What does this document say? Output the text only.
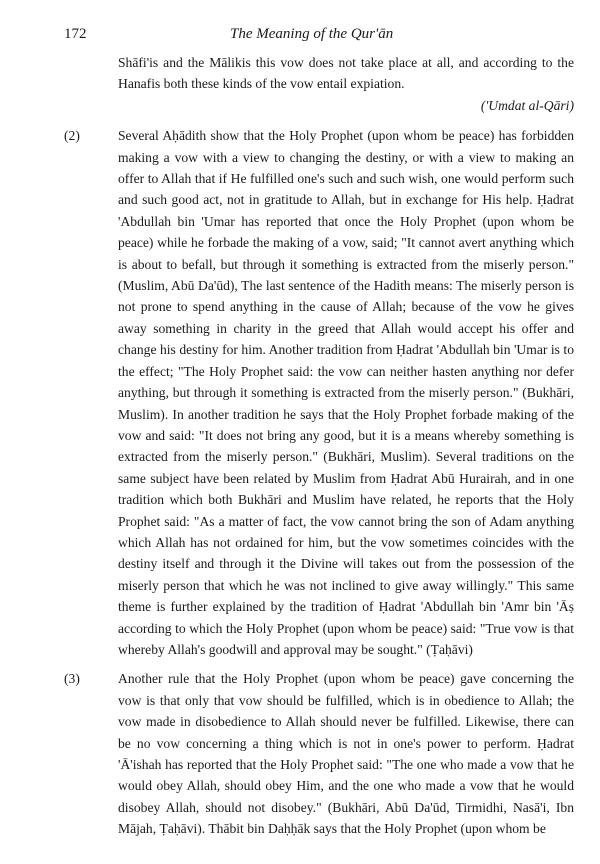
172	The Meaning of the Qur'ān

Shāfi'is and the Mālikis this vow does not take place at all, and according to the Hanafis both these kinds of the vow entail expiation.

('Umdat al-Qāri)

(2)	Several Aḥādith show that the Holy Prophet (upon whom be peace) has forbidden making a vow with a view to changing the destiny, or with a view to making an offer to Allah that if He fulfilled one's such and such wish, one would perform such and such good act, not in gratitude to Allah, but in exchange for His help. Ḥadrat 'Abdullah bin 'Umar has reported that once the Holy Prophet (upon whom be peace) while he forbade the making of a vow, said; "It cannot avert anything which is about to befall, but through it something is extracted from the miserly person." (Muslim, Abū Da'ūd), The last sentence of the Hadith means: The miserly person is not prone to spend anything in the cause of Allah; because of the vow he gives away something in charity in the greed that Allah would accept his offer and change his destiny for him. Another tradition from Ḥadrat 'Abdullah bin 'Umar is to the effect; "The Holy Prophet said: the vow can neither hasten anything nor defer anything, but through it something is extracted from the miserly person." (Bukhāri, Muslim). In another tradition he says that the Holy Prophet forbade making of the vow and said: "It does not bring any good, but it is a means whereby something is extracted from the miserly person." (Bukhāri, Muslim). Several traditions on the same subject have been related by Muslim from Ḥadrat Abū Hurairah, and in one tradition which both Bukhāri and Muslim have related, he reports that the Holy Prophet said: "As a matter of fact, the vow cannot bring the son of Adam anything which Allah has not ordained for him, but the vow sometimes coincides with the destiny itself and through it the Divine will takes out from the possession of the miserly person that which he was not inclined to give away willingly." This same theme is further explained by the tradition of Ḥadrat 'Abdullah bin 'Amr bin 'Āṣ according to which the Holy Prophet (upon whom be peace) said: "True vow is that whereby Allah's goodwill and approval may be sought." (Ṭaḥāvi)

(3)	Another rule that the Holy Prophet (upon whom be peace) gave concerning the vow is that only that vow should be fulfilled, which is in obedience to Allah; the vow made in disobedience to Allah should never be fulfilled. Likewise, there can be no vow concerning a thing which is not in one's power to perform. Ḥadrat 'Ā'ishah has reported that the Holy Prophet said: "The one who made a vow that he would obey Allah, should obey Him, and the one who made a vow that he would disobey Allah, should not disobey." (Bukhāri, Abū Da'ūd, Tirmidhi, Nasā'i, Ibn Mājah, Ṭaḥāvi). Thābit bin Daḥḥāk says that the Holy Prophet (upon whom be
